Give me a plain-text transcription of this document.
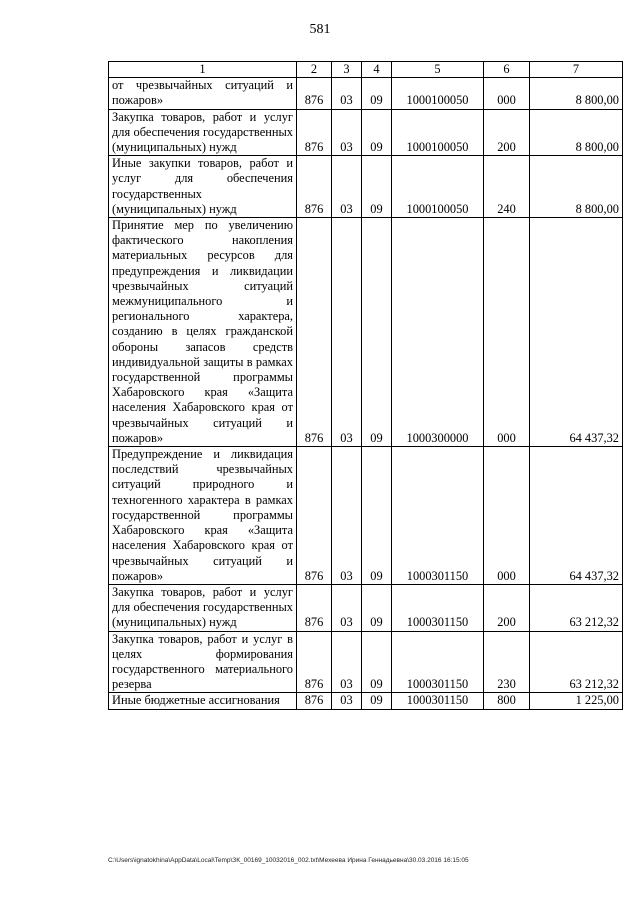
581
1	2	3	4	5	6	7
от чрезвычайных ситуаций и пожаров»	876	03	09	1000100050	000	8 800,00
Закупка товаров, работ и услуг для обеспечения государственных (муниципальных) нужд	876	03	09	1000100050	200	8 800,00
Иные закупки товаров, работ и услуг для обеспечения государственных (муниципальных) нужд	876	03	09	1000100050	240	8 800,00
Принятие мер по увеличению фактического накопления материальных ресурсов для предупреждения и ликвидации чрезвычайных ситуаций межмуниципального и регионального характера, созданию в целях гражданской обороны запасов средств индивидуальной защиты в рамках государственной программы Хабаровского края «Защита населения Хабаровского края от чрезвычайных ситуаций и пожаров»	876	03	09	1000300000	000	64 437,32
Предупреждение и ликвидация последствий чрезвычайных ситуаций природного и техногенного характера в рамках государственной программы Хабаровского края «Защита населения Хабаровского края от чрезвычайных ситуаций и пожаров»	876	03	09	1000301150	000	64 437,32
Закупка товаров, работ и услуг для обеспечения государственных (муниципальных) нужд	876	03	09	1000301150	200	63 212,32
Закупка товаров, работ и услуг в целях формирования государственного материального резерва	876	03	09	1000301150	230	63 212,32
Иные бюджетные ассигнования	876	03	09	1000301150	800	1 225,00
C:\Users\ignatokhina\AppData\Local\Temp\ЗК_00169_10032016_002.txt\Мехеева Ирина Геннадьевна\30.03.2016 16:15:05
